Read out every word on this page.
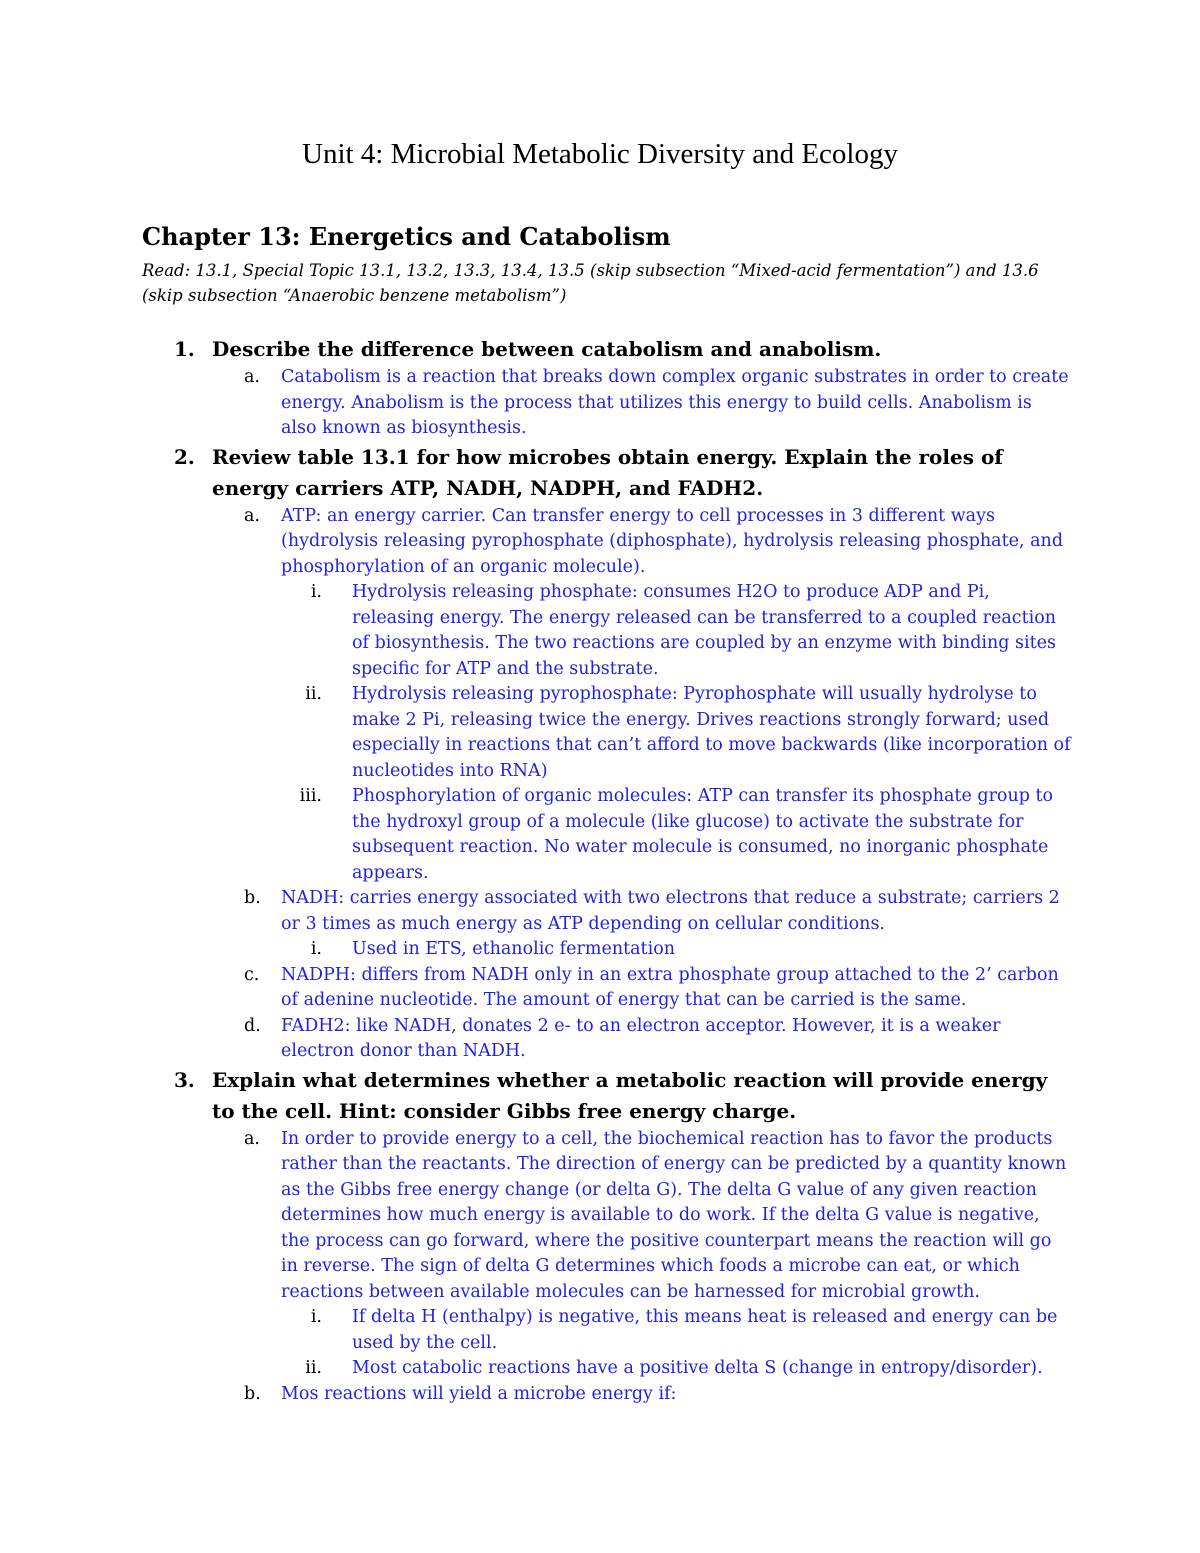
Unit 4: Microbial Metabolic Diversity and Ecology
Chapter 13: Energetics and Catabolism
Read: 13.1, Special Topic 13.1, 13.2, 13.3, 13.4, 13.5 (skip subsection “Mixed-acid fermentation”) and 13.6 (skip subsection “Anaerobic benzene metabolism”)
1. Describe the difference between catabolism and anabolism.
a. Catabolism is a reaction that breaks down complex organic substrates in order to create energy. Anabolism is the process that utilizes this energy to build cells. Anabolism is also known as biosynthesis.
2. Review table 13.1 for how microbes obtain energy. Explain the roles of energy carriers ATP, NADH, NADPH, and FADH2.
a. ATP: an energy carrier. Can transfer energy to cell processes in 3 different ways (hydrolysis releasing pyrophosphate (diphosphate), hydrolysis releasing phosphate, and phosphorylation of an organic molecule).
i. Hydrolysis releasing phosphate: consumes H2O to produce ADP and Pi, releasing energy. The energy released can be transferred to a coupled reaction of biosynthesis. The two reactions are coupled by an enzyme with binding sites specific for ATP and the substrate.
ii. Hydrolysis releasing pyrophosphate: Pyrophosphate will usually hydrolyse to make 2 Pi, releasing twice the energy. Drives reactions strongly forward; used especially in reactions that can’t afford to move backwards (like incorporation of nucleotides into RNA)
iii. Phosphorylation of organic molecules: ATP can transfer its phosphate group to the hydroxyl group of a molecule (like glucose) to activate the substrate for subsequent reaction. No water molecule is consumed, no inorganic phosphate appears.
b. NADH: carries energy associated with two electrons that reduce a substrate; carriers 2 or 3 times as much energy as ATP depending on cellular conditions.
i. Used in ETS, ethanolic fermentation
c. NADPH: differs from NADH only in an extra phosphate group attached to the 2’ carbon of adenine nucleotide. The amount of energy that can be carried is the same.
d. FADH2: like NADH, donates 2 e- to an electron acceptor. However, it is a weaker electron donor than NADH.
3. Explain what determines whether a metabolic reaction will provide energy to the cell. Hint: consider Gibbs free energy charge.
a. In order to provide energy to a cell, the biochemical reaction has to favor the products rather than the reactants. The direction of energy can be predicted by a quantity known as the Gibbs free energy change (or delta G). The delta G value of any given reaction determines how much energy is available to do work. If the delta G value is negative, the process can go forward, where the positive counterpart means the reaction will go in reverse. The sign of delta G determines which foods a microbe can eat, or which reactions between available molecules can be harnessed for microbial growth.
i. If delta H (enthalpy) is negative, this means heat is released and energy can be used by the cell.
ii. Most catabolic reactions have a positive delta S (change in entropy/disorder).
b. Mos reactions will yield a microbe energy if:
